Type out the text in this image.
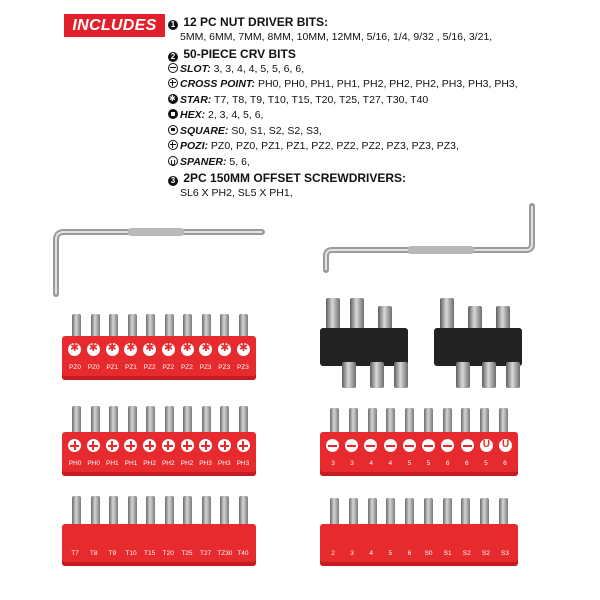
INCLUDES	1 12 PC NUT DRIVER BITS:
5MM, 6MM, 7MM, 8MM, 10MM, 12MM, 5/16, 1/4, 9/32 , 5/16, 3/21,
2 50-PIECE CRV BITS
SLOT: 3, 3, 4, 4, 5, 5, 6, 6,
CROSS POINT: PH0, PH0, PH1, PH1, PH2, PH2, PH2, PH3, PH3, PH3,
✱STAR: T7, T8, T9, T10, T15, T20, T25, T27, T30, T40
HEX: 2, 3, 4, 5, 6,
SQUARE: S0, S1, S2, S2, S3,
POZI: PZ0, PZ0, PZ1, PZ1, PZ2, PZ2, PZ2, PZ3, PZ3, PZ3,
USPANER: 5, 6,
3 2PC 150MM OFFSET SCREWDRIVERS:
SL6 X PH2, SL5 X PH1,
✱
✱
✱
✱
✱
✱
✱
✱
✱
✱
PZ0 PZ0 PZ1 PZ1 PZ2 PZ2 PZ2 PZ3 PZ3 PZ3
PH0 PH0 PH1 PH1 PH2 PH2 PH2 PH3 PH3 PH3
U
U	3	3	4	4	5	5	6	6	5	6
T7	T8	T9	T10 T15 T20 T25 T27 TZ30 T40	2	3	4	5	6	S0	S1	S2	S2	S3
